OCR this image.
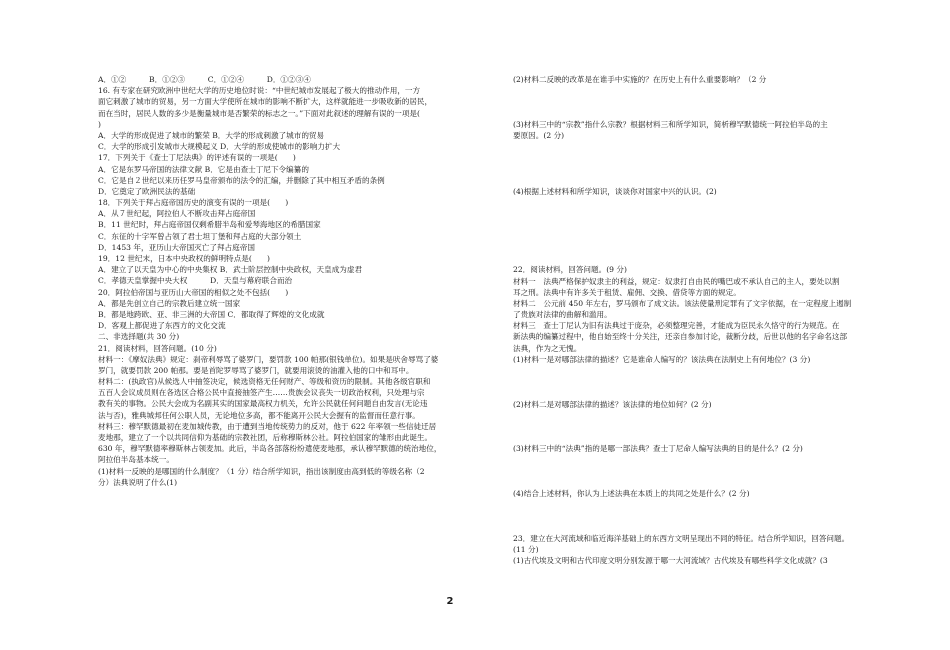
A．①②　　　B．①②③　　　C．①②④　　　D．①②③④
16. 有专家在研究欧洲中世纪大学的历史地位时说：“中世纪城市发展起了极大的推动作用，一方
面它刺激了城市的贸易，另一方面大学使所在城市的影响不断扩大，这样就能进一步吸收新的居民，
而在当时，居民人数的多少是衡量城市是否繁荣的标志之一。”下面对此叙述的理解有误的一项是(
)
A．大学的形成促进了城市的繁荣 B．大学的形成刺激了城市的贸易
C．大学的形成引发城市大规模起义 D．大学的形成使城市的影响力扩大
17．下列关于《查士丁尼法典》的评述有误的一项是(　　)
A．它是东罗马帝国的法律文献 B．它是由查士丁尼下令编纂的
C．它是自２世纪以来历任罗马皇帝颁布的法令的汇编，并删除了其中相互矛盾的条例
D．它奠定了欧洲民法的基础
18．下列关于拜占庭帝国历史的演变有误的一项是(　　)
A．从７世纪起，阿拉伯人不断攻击拜占庭帝国
B．11 世纪时，拜占庭帝国仅剩希腊半岛和爱琴海地区的希腊国家
C．东征的十字军曾占领了君士坦丁堡和拜占庭的大部分领土
D．1453 年，亚历山大帝国灭亡了拜占庭帝国
19．12 世纪末，日本中央政权的鲜明特点是(　　)
A．建立了以天皇为中心的中央集权 B．武士阶层控制中央政权，天皇成为虚君
C．孝德天皇掌握中央大权　　　D．天皇与幕府联合而治
20．阿拉伯帝国与亚历山大帝国的相似之处不包括(　　)
A．都是先创立自己的宗教后建立统一国家
B．都是地跨欧、亚、非三洲的大帝国 C．都取得了辉煌的文化成就
D．客观上都促进了东西方的文化交流
二、非选择题(共 30 分)
21．阅读材料，回答问题。(10 分)
材料一：《摩奴法典》规定：刹帝利辱骂了婆罗门，要罚款 100 帕那(银钱单位)。如果是吠舍辱骂了婆
罗门，就要罚款 200 帕那。要是首陀罗辱骂了婆罗门，就要用滚烫的油灌入他的口中和耳中。
材料二：(执政官)从候选人中抽签决定，候选资格无任何财产、等级和资历的限制。其他各级官职和
五百人会议成员则在各选区合格公民中直接抽签产生……贵族会议丧失一切政治权利，只处理与宗
教有关的事物。公民大会成为名副其实的国家最高权力机关，允许公民就任何问题自由发言(无论违
法与否)，雅典城邦任何公职人员，无论地位多高，都不能离开公民大会握有的监督而任意行事。
材料三：穆罕默德最初在麦加城传教，由于遭到当地传统势力的反对，他于 622 年率领一些信徒迁居
麦地那，建立了一个以共同信仰为基础的宗教社团，后称穆斯林公社。阿拉伯国家的雏形由此诞生。
630 年，穆罕默德率穆斯林占领麦加。此后，半岛各部落纷纷遣使麦地那，承认穆罕默德的统治地位，
阿拉伯半岛基本统一。
(1)材料一反映的是哪国的什么制度？（1 分）结合所学知识，指出该制度由高到低的等级名称（2
分）法典说明了什么(1)
(2)材料二反映的改革是在谁手中实施的？在历史上有什么重要影响？（2 分
(3)材料三中的“宗教”指什么宗教？根据材料三和所学知识，简析穆罕默德统一阿拉伯半岛的主
要原因。(2 分)
(4)根据上述材料和所学知识，谈谈你对国家中兴的认识。(2)
22．阅读材料，回答问题。(9 分)
材料一　法典严格保护奴隶主的利益，规定：奴隶打自由民的嘴巴或不承认自己的主人，要处以割
耳之刑。法典中有许多关于租赁、雇佣、交换、借贷等方面的规定。
材料二　公元前 450 年左右，罗马颁布了成文法。该法使量刑定罪有了文字依据，在一定程度上遏制
了贵族对法律的曲解和滥用。
材料三　查士丁尼认为旧有法典过于庞杂，必须整理完善，才能成为臣民永久恪守的行为规范。在
新法典的编纂过程中，他自始至终十分关注，还亲自参加讨论，裁断分歧，后世以他的名字命名这部
法典，作为之无愧。
(1)材料一是对哪部法律的描述？它是谁命人编写的？该法典在法制史上有何地位？(3 分)
(2)材料二是对哪部法律的描述？该法律的地位如何？(2 分)
(3)材料三中的“法典”指的是哪一部法典？查士丁尼命人编写法典的目的是什么？(2 分)
(4)结合上述材料，你认为上述法典在本质上的共同之处是什么？(2 分)
23．建立在大河流域和临近海洋基础上的东西方文明呈现出不同的特征。结合所学知识，回答问题。
(11 分)
(1)古代埃及文明和古代印度文明分别发源于哪一大河流域？古代埃及有哪些科学文化成就？(3
2
